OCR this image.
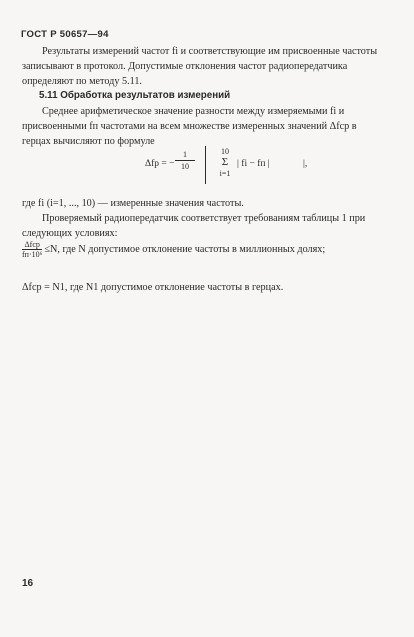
ГОСТ Р 50657—94
Результаты измерений частот fi и соответствующие им присвоенные частоты записывают в протокол. Допустимые отклонения частот радиопередатчика определяют по методу 5.11.
5.11 Обработка результатов измерений
Среднее арифметическое значение разности между измеряемыми fi и присвоенными fп частотами на всем множестве измеренных значений Δfср в герцах вычисляют по формуле
Δfр = − $\frac{1}{10}$	10
Σ
i=1
| fi − fп |	|,
где fi (i=1, ..., 10) — измеренные значения частоты.
Проверяемый радиопередатчик соответствует требованиям таблицы 1 при следующих условиях:
$\frac{\text{Δfср}}{\text{fп·10⁶}} \le N$, где N допустимое отклонение частоты в миллионных долях;
Δfср = N1, где N1 допустимое отклонение частоты в герцах.
16
